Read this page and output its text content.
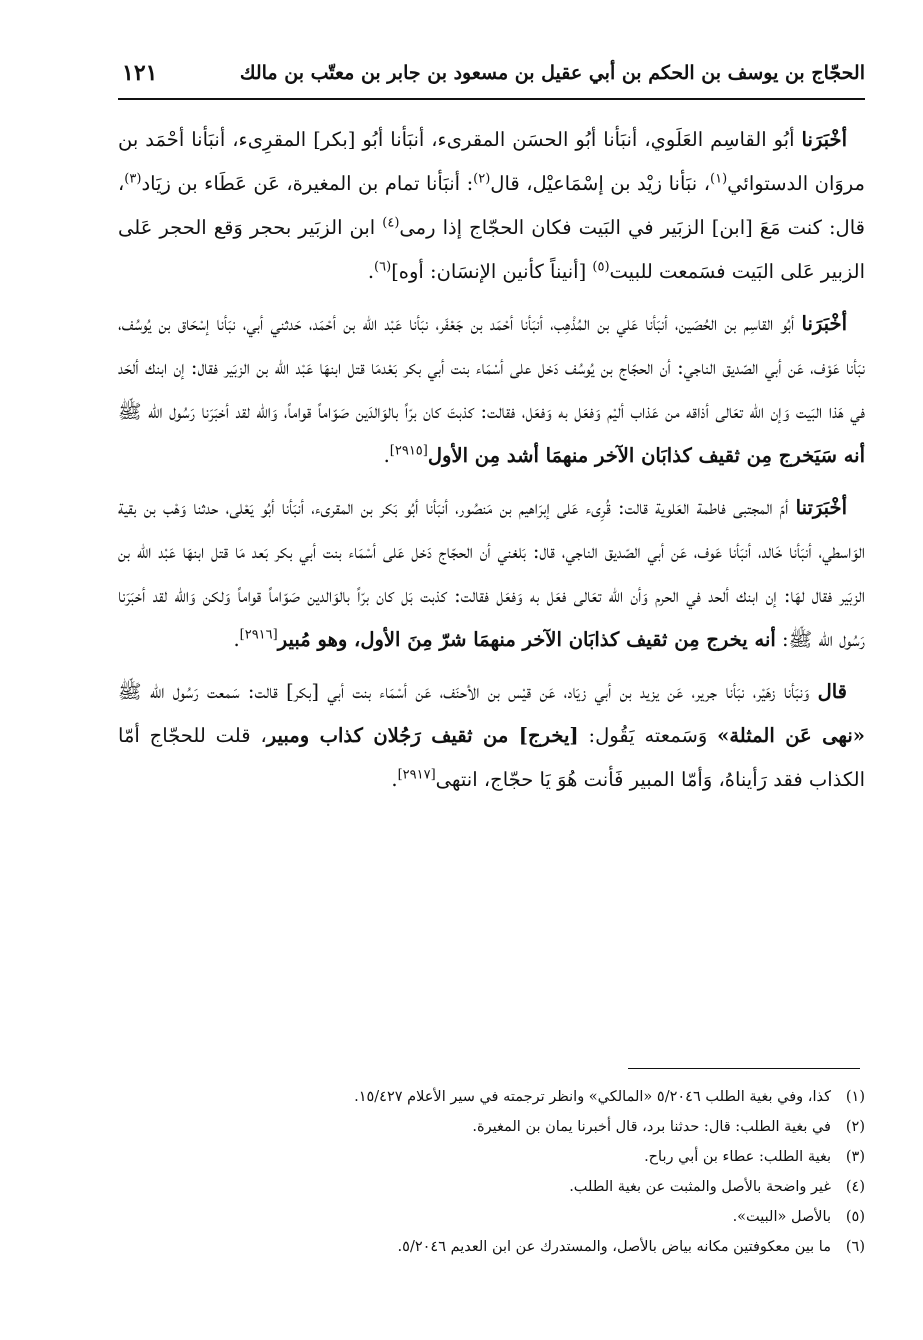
الحجّاج بن يوسف بن الحكم بن أبي عقيل بن مسعود بن جابر بن معتّب بن مالك
١٢١

أخْبَرَنا أبُو القاسِم العَلَوي، أنبَأنا أبُو الحسَن المقرىء، أنبَأنا أبُو [بكر] المقرِىء، أنبَأنا أحْمَد بن مروَان الدستوائي$^{(١)}$، نبَأنا زيْد بن إسْمَاعيْل، قال$^{(٢)}$: أنبَأنا تمام بن المغيرة، عَن عَطَاء بن زيَاد$^{(٣)}$، قال: كنت مَعَ [ابن] الزبَير في البَيت فكان الحجّاج إذا رمى$^{(٤)}$ ابن الزبَير بحجر وَقع الحجر عَلى الزبير عَلى البَيت فسَمعت للبيت$^{(٥)}$ [أنيناً كأنين الإنسَان: أوه]$^{(٦)}$.

أخْبَرَنا أبُو القاسِم بن الحُصَين، أنبَأنا عَلي بن المُذْهِب، أنبَأنا أحْمَد بن جَعْفَر، نبَأنا عَبْد اللّه بن أحْمَد، حَدثني أبي، نبَأنا إسْحَاق بن يُوسُف، نبَأنا عَوْف، عَن أبي الصّديق الناجي: أن الحجّاج بن يُوسُف دَخل على أسْمَاء بنت أبي بكر بَعْدمَا قتل ابنهَا عَبْد اللّه بن الزبَير فقال: إن ابنك ألحَد في هَذا البَيت وَإن اللّه تعَالى أذاقه من عَذاب أليْم وَفعَل به وَفعَل، فقالت: كذبتَ كان برّاً بالوَالدَين صَوّاماً قواماً، وَاللّه لقد أخبَرَنا رَسُول اللّه ﷺ أنه سَيَخرج مِن ثقيف كذابَان الآخر منهمَا أشد مِن الأول[٢٩١٥].

أخْبَرَتنا أمّ المجتبى فاطمة العَلوية قالت: قُرِىء عَلى إبرَاهيم بن مَنصُور، أنبَأنا أبُو بَكر بن المقرىء، أنبَأنا أبُو يَعْلى، حدثنا وَهْب بن بقية الوَاسطي، أنبَأنا خَالد، أنبَأنا عَوف، عَن أبي الصّديق الناجي، قال: بَلغني أن الحجّاج دَخل عَلى أسْمَاء بنت أبي بكر بَعد مَا قتل ابنهَا عَبْد اللّه بن الزبَير فقال لهَا: إن ابنك ألحد في الحرم وَأن اللّه تعَالى فعَل به وَفعَل فقالت: كذبت بَل كان برّاً بالوَالدين صَوّاماً قواماً وَلكن وَاللّه لقد أخبَرَنا رَسُول اللّه ﷺ: أنه يخرج مِن ثقيف كذابَان الآخر منهمَا شرّ مِنَ الأول، وهو مُبير[٢٩١٦].

قال وَنبَأنا زهَيْر، نبَأنا جرير، عَن يزيد بن أبي زيَاد، عَن قيْس بن الأحنَف، عَن أسْمَاء بنت أبي [بكر] قالت: سَمعت رَسُول اللّه ﷺ «نهى عَن المثلة» وَسَمعته يَقُول: [يخرج] من ثقيف رَجُلان كذاب ومبير، قلت للحجّاج أمّا الكذاب فقد رَأيناهُ، وَأمّا المبير فَأنت هُوَ يَا حجّاج، انتهى[٢٩١٧].

(١)كذا، وفي بغية الطلب ٥/٢٠٤٦ «المالكي» وانظر ترجمته في سير الأعلام ١٥/٤٢٧.
(٢)في بغية الطلب: قال: حدثنا برد، قال أخبرنا يمان بن المغيرة.
(٣)بغية الطلب: عطاء بن أبي رباح.
(٤)غير واضحة بالأصل والمثبت عن بغية الطلب.
(٥)بالأصل «البيت».
(٦)ما بين معكوفتين مكانه بياض بالأصل، والمستدرك عن ابن العديم ٥/٢٠٤٦.
